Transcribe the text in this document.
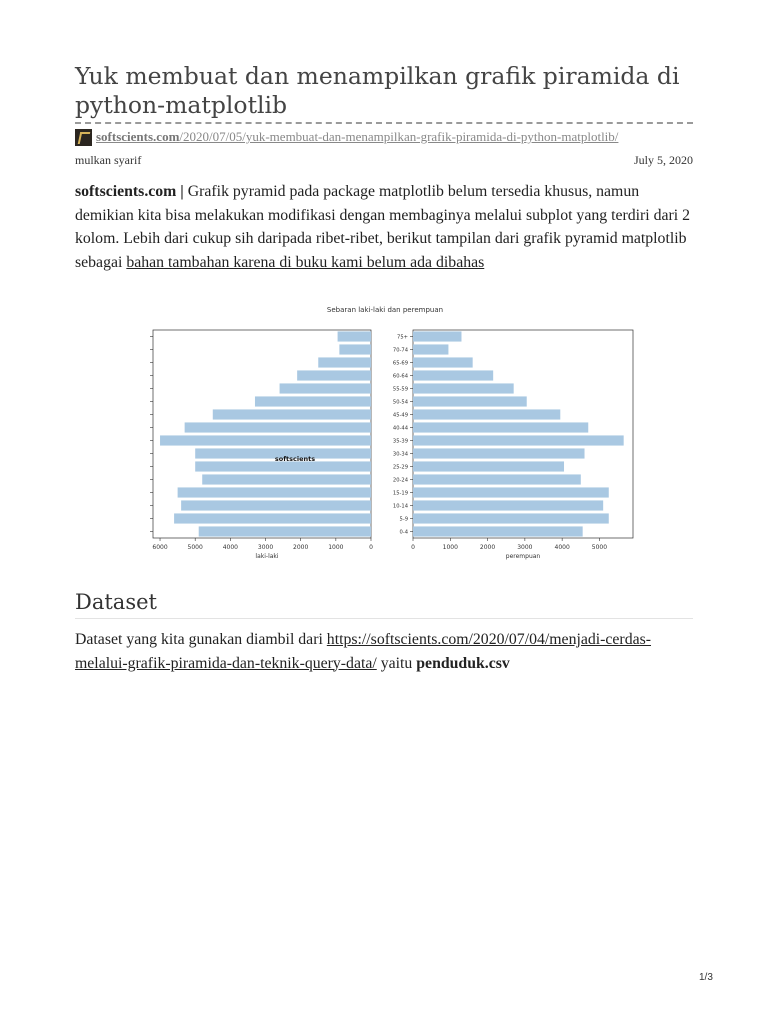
Yuk membuat dan menampilkan grafik piramida di python-matplotlib
softscients.com/2020/07/05/yuk-membuat-dan-menampilkan-grafik-piramida-di-python-matplotlib/
mulkan syarif	July 5, 2020

softscients.com | Grafik pyramid pada package matplotlib belum tersedia khusus, namun demikian kita bisa melakukan modifikasi dengan membaginya melalui subplot yang terdiri dari 2 kolom. Lebih dari cukup sih daripada ribet-ribet, berikut tampilan dari grafik pyramid matplotlib sebagai bahan tambahan karena di buku kami belum ada dibahas

Sebaran laki-laki dan perempuan
6000	5000	4000	3000	2000	1000	0
0-4
5-9
10-14
15-19
20-24
25-29
30-34
35-39
40-44
45-49
50-54
55-59
60-64
65-69
70-74
75+
0	1000	2000	3000	4000	5000
laki-laki	perempuan
softscients
Dataset

Dataset yang kita gunakan diambil dari https://softscients.com/2020/07/04/menjadi-cerdas-melalui-grafik-piramida-dan-teknik-query-data/ yaitu penduduk.csv

1/3
